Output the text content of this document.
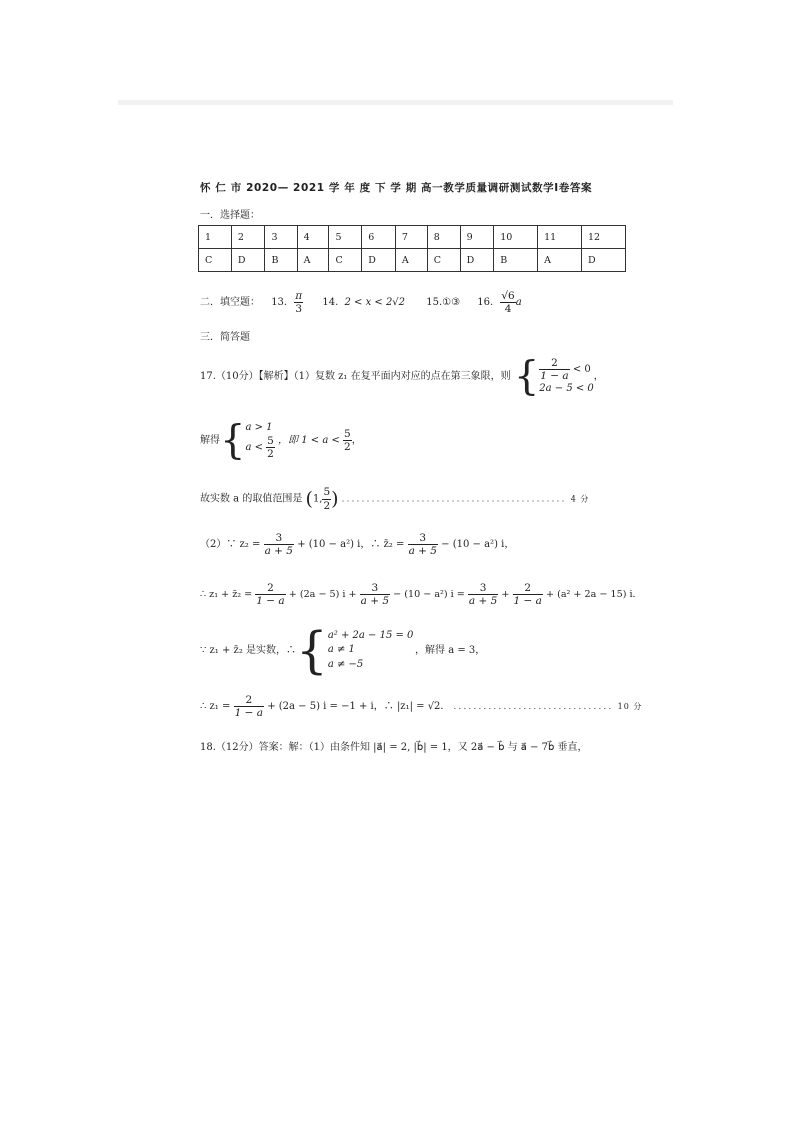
怀 仁 市 2020— 2021 学 年 度 下 学 期 高一教学质量调研测试数学Ⅰ卷答案
一．选择题：
1	2	3	4	5	6	7	8	9	10	11	12
C	D	B	A	C	D	A	C	D	B	A	D
二．填空题： 13. $\frac{\pi}{3} 14$. 2 < x < 2√2 15.①③ 16. $\frac{√6}{4}$ a
三．简答题
17.（10分）【解析】（1）复数 z₁ 在复平面内对应的点在第三象限，则 { $\frac{2}{1 - a} < 0$
2a − 5 < 0
，
解得{ a > 1
$a < \frac{5}{2}$ ，即 $1 < a < \frac{5}{2}$ ，
故实数 a 的取值范围是 (1, $\frac{5}{2}$ ) ．．．．．．．．．．．．．．．．．．．．．．．．．．．．．．．．．．．．．．．．．．．．．4 分
（2）∵ $z_2 = \frac{3}{a + 5} + (10 - a^2)$ i，∴ z̄₂ = $\frac{3}{a + 5} - (10 - a^2)$ i，
∴ z₁ + z̄₂ = $\frac{2}{1 - a} + (2a - 5) i + \frac{3}{a + 5} - (10 - a^2) i = \frac{3}{a + 5} + \frac{2}{1 - a} + (a^2 + 2a - 15)$ i．
∵ z₁ + z̄₂ 是实数，∴{ a² + 2a − 15 = 0
a ≠ 1
a ≠ −5
，解得 a = 3，
∴ $z_1 = \frac{2}{1 - a} + (2a - 5) i = -1 + i$，∴ |z₁| = √2． ．．．．．．．．．．．．．．．．．．．．．．．．．．．．．．．．10 分
18.（12分）答案：解：（1）由条件知 |a⃗| = 2, |b⃗| = 1，又 2a⃗ − b⃗ 与 a⃗ − 7b⃗ 垂直，
